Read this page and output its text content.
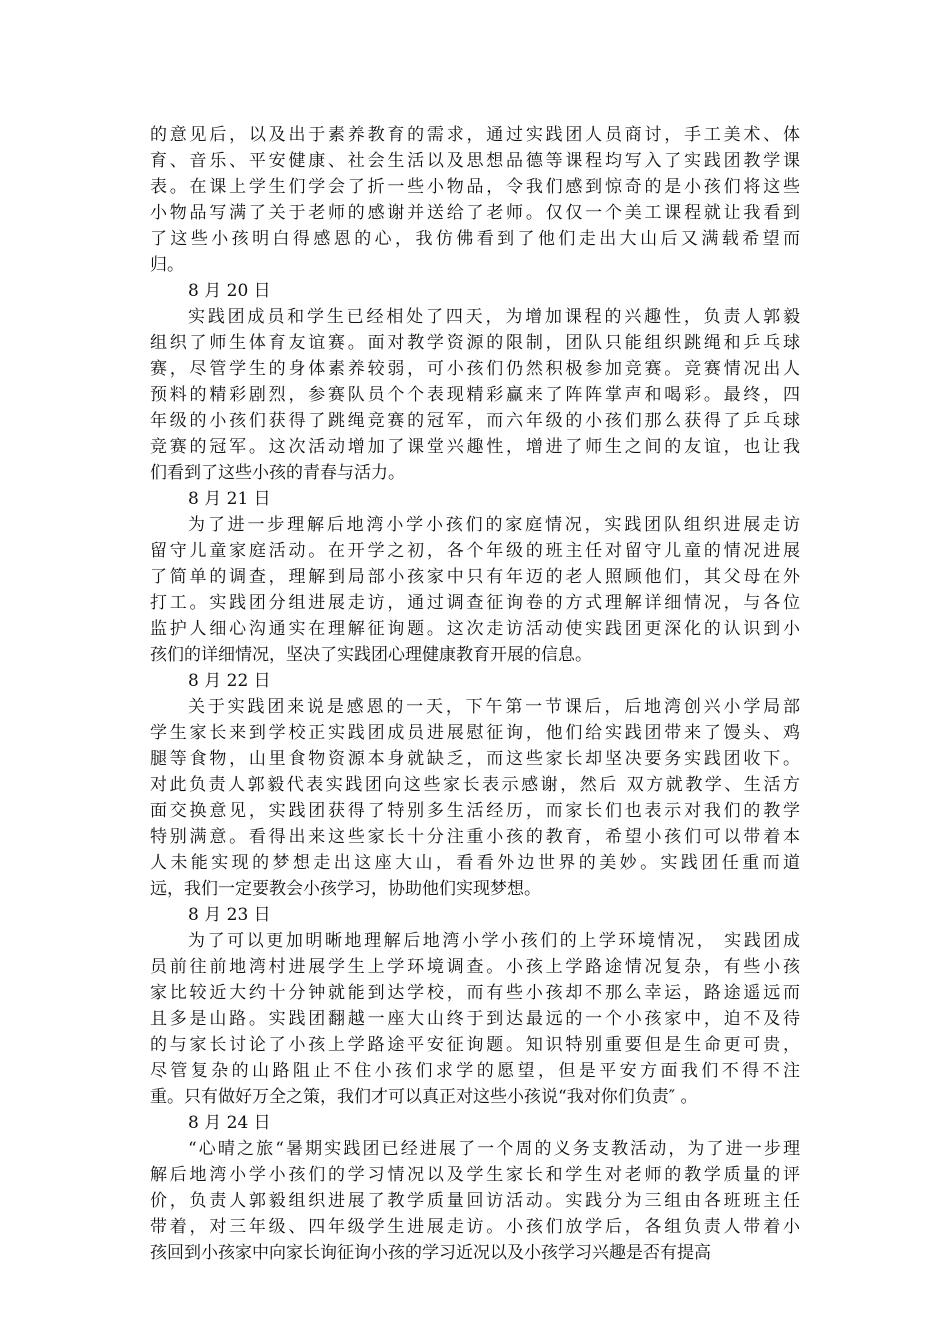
的意见后，以及出于素养教育的需求，通过实践团人员商讨，手工美术、体
育、音乐、平安健康、社会生活以及思想品德等课程均写入了实践团教学课
表。在课上学生们学会了折一些小物品，令我们感到惊奇的是小孩们将这些
小物品写满了关于老师的感谢并送给了老师。仅仅一个美工课程就让我看到
了这些小孩明白得感恩的心，我仿佛看到了他们走出大山后又满载希望而
归。
8 月 20 日
实践团成员和学生已经相处了四天，为增加课程的兴趣性，负责人郭毅
组织了师生体育友谊赛。面对教学资源的限制，团队只能组织跳绳和乒乓球
赛，尽管学生的身体素养较弱，可小孩们仍然积极参加竞赛。竞赛情况出人
预料的精彩剧烈，参赛队员个个表现精彩赢来了阵阵掌声和喝彩。最终，四
年级的小孩们获得了跳绳竞赛的冠军，而六年级的小孩们那么获得了乒乓球
竞赛的冠军。这次活动增加了课堂兴趣性，增进了师生之间的友谊，也让我
们看到了这些小孩的青春与活力。
8 月 21 日
为了进一步理解后地湾小学小孩们的家庭情况，实践团队组织进展走访
留守儿童家庭活动。在开学之初，各个年级的班主任对留守儿童的情况进展
了简单的调查，理解到局部小孩家中只有年迈的老人照顾他们，其父母在外
打工。实践团分组进展走访，通过调查征询卷的方式理解详细情况，与各位
监护人细心沟通实在理解征询题。这次走访活动使实践团更深化的认识到小
孩们的详细情况，坚决了实践团心理健康教育开展的信息。
8 月 22 日
关于实践团来说是感恩的一天，下午第一节课后，后地湾创兴小学局部
学生家长来到学校正实践团成员进展慰征询，他们给实践团带来了馒头、鸡
腿等食物，山里食物资源本身就缺乏，而这些家长却坚决要务实践团收下。
对此负责人郭毅代表实践团向这些家长表示感谢，然后 双方就教学、生活方
面交换意见，实践团获得了特别多生活经历，而家长们也表示对我们的教学
特别满意。看得出来这些家长十分注重小孩的教育，希望小孩们可以带着本
人未能实现的梦想走出这座大山，看看外边世界的美妙。实践团任重而道
远，我们一定要教会小孩学习，协助他们实现梦想。
8 月 23 日
为了可以更加明晰地理解后地湾小学小孩们的上学环境情况， 实践团成
员前往前地湾村进展学生上学环境调查。小孩上学路途情况复杂，有些小孩
家比较近大约十分钟就能到达学校，而有些小孩却不那么幸运，路途遥远而
且多是山路。实践团翻越一座大山终于到达最远的一个小孩家中，迫不及待
的与家长讨论了小孩上学路途平安征询题。知识特别重要但是生命更可贵，
尽管复杂的山路阻止不住小孩们求学的愿望，但是平安方面我们不得不注
重。只有做好万全之策，我们才可以真正对这些小孩说“我对你们负责″ 。
8 月 24 日
“心晴之旅“暑期实践团已经进展了一个周的义务支教活动，为了进一步理
解后地湾小学小孩们的学习情况以及学生家长和学生对老师的教学质量的评
价，负责人郭毅组织进展了教学质量回访活动。实践分为三组由各班班主任
带着，对三年级、四年级学生进展走访。小孩们放学后，各组负责人带着小
孩回到小孩家中向家长询征询小孩的学习近况以及小孩学习兴趣是否有提高
